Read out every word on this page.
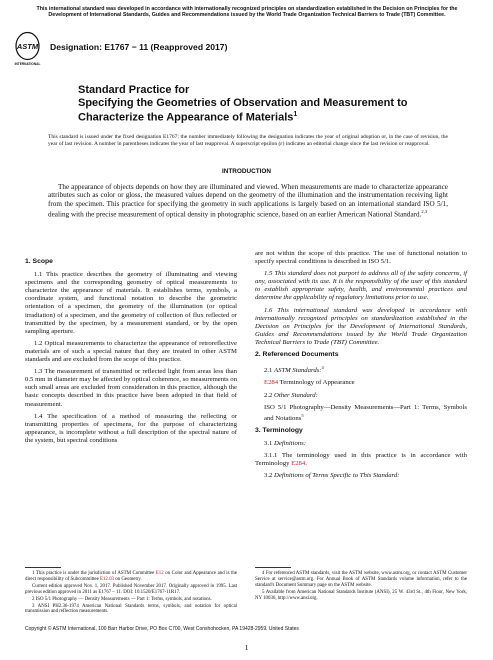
This international standard was developed in accordance with internationally recognized principles on standardization established in the Decision on Principles for the Development of International Standards, Guides and Recommendations issued by the World Trade Organization Technical Barriers to Trade (TBT) Committee.
ASTM
INTERNATIONAL
Designation: E1767 − 11 (Reapproved 2017)
Standard Practice for
Specifying the Geometries of Observation and Measurement to Characterize the Appearance of Materials$^1$
This standard is issued under the fixed designation E1767; the number immediately following the designation indicates the year of original adoption or, in the case of revision, the year of last revision. A number in parentheses indicates the year of last reapproval. A superscript epsilon (ε) indicates an editorial change since the last revision or reapproval.
INTRODUCTION
The appearance of objects depends on how they are illuminated and viewed. When measurements are made to characterize appearance attributes such as color or gloss, the measured values depend on the geometry of the illumination and the instrumentation receiving light from the specimen. This practice for specifying the geometry in such applications is largely based on an international standard ISO 5/1, dealing with the precise measurement of optical density in photographic science, based on an earlier American National Standard.$^{2,3}$
1. Scope

1.1 This practice describes the geometry of illuminating and viewing specimens and the corresponding geometry of optical measurements to characterize the appearance of materials. It establishes terms, symbols, a coordinate system, and functional notation to describe the geometric orientation of a specimen, the geometry of the illumination (or optical irradiation) of a specimen, and the geometry of collection of flux reflected or transmitted by the specimen, by a measurement standard, or by the open sampling aperture.

1.2 Optical measurements to characterize the appearance of retroreflective materials are of such a special nature that they are treated in other ASTM standards and are excluded from the scope of this practice.

1.3 The measurement of transmitted or reflected light from areas less than 0.5 mm in diameter may be affected by optical coherence, so measurements on such small areas are excluded from consideration in this practice, although the basic concepts described in this practice have been adopted in that field of measurement.

1.4 The specification of a method of measuring the reflecting or transmitting properties of specimens, for the purpose of characterizing appearance, is incomplete without a full description of the spectral nature of the system, but spectral conditions

are not within the scope of this practice. The use of functional notation to specify spectral conditions is described in ISO 5/1.

1.5 This standard does not purport to address all of the safety concerns, if any, associated with its use. It is the responsibility of the user of this standard to establish appropriate safety, health, and environmental practices and determine the applicability of regulatory limitations prior to use.

1.6 This international standard was developed in accordance with internationally recognized principles on standardization established in the Decision on Principles for the Development of International Standards, Guides and Recommendations issued by the World Trade Organization Technical Barriers to Trade (TBT) Committee.

2. Referenced Documents

2.1 ASTM Standards:$^4$

E284 Terminology of Appearance

2.2 Other Standard:

ISO 5/1 Photography—Density Measurements—Part 1: Terms, Symbols and Notations$^5$

3. Terminology

3.1 Definitions:

3.1.1 The terminology used in this practice is in accordance with Terminology E284.

3.2 Definitions of Terms Specific to This Standard:

1 This practice is under the jurisdiction of ASTM Committee E12 on Color and Appearance and is the direct responsibility of Subcommittee E12.03 on Geometry.

Current edition approved Nov. 1, 2017. Published November 2017. Originally approved in 1995. Last previous edition approved in 2011 as E1767 – 11. DOI: 10.1520/E1767-11R17.

2 ISO 5/1 Photography — Density Measurements — Part 1: Terms, symbols, and notations.

3 ANSI PH2.36-1974 American National Standards terms, symbols, and notation for optical transmission and reflection measurements.

4 For referenced ASTM standards, visit the ASTM website, www.astm.org, or contact ASTM Customer Service at service@astm.org. For Annual Book of ASTM Standards volume information, refer to the standard's Document Summary page on the ASTM website.

5 Available from American National Standards Institute (ANSI), 25 W. 43rd St., 4th Floor, New York, NY 10036, http://www.ansi.org.

Copyright © ASTM International, 100 Barr Harbor Drive, PO Box C700, West Conshohocken, PA 19428-2959. United States
1
